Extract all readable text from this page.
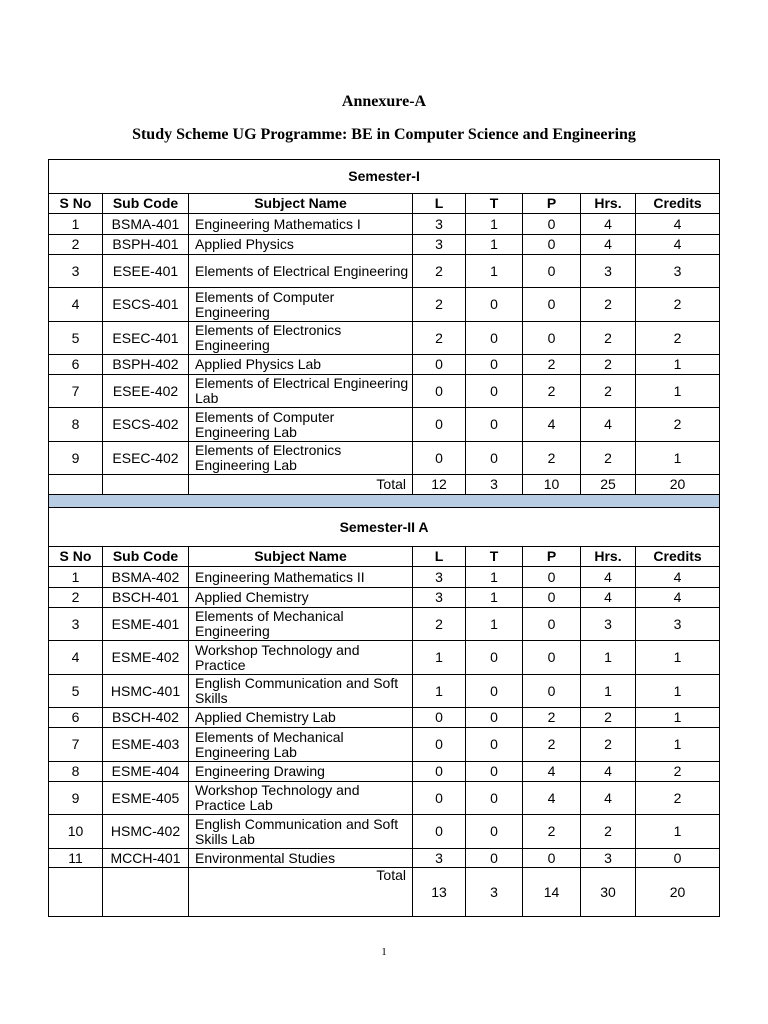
Annexure-A
Study Scheme UG Programme: BE in Computer Science and Engineering
Semester-I							
S No	Sub Code	Subject Name	L	T	P	Hrs.	Credits
1	BSMA-401	Engineering Mathematics I	3	1	0	4	4
2	BSPH-401	Applied Physics	3	1	0	4	4
3	ESEE-401	Elements of Electrical Engineering	2	1	0	3	3
4	ESCS-401	Elements of Computer Engineering	2	0	0	2	2
5	ESEC-401	Elements of Electronics Engineering	2	0	0	2	2
6	BSPH-402	Applied Physics Lab	0	0	2	2	1
7	ESEE-402	Elements of Electrical Engineering Lab	0	0	2	2	1
8	ESCS-402	Elements of Computer Engineering Lab	0	0	4	4	2
9	ESEC-402	Elements of Electronics Engineering Lab	0	0	2	2	1
		Total	12	3	10	25	20

Semester-II A							
S No	Sub Code	Subject Name	L	T	P	Hrs.	Credits
1	BSMA-402	Engineering Mathematics II	3	1	0	4	4
2	BSCH-401	Applied Chemistry	3	1	0	4	4
3	ESME-401	Elements of Mechanical Engineering	2	1	0	3	3
4	ESME-402	Workshop Technology and Practice	1	0	0	1	1
5	HSMC-401	English Communication and Soft Skills	1	0	0	1	1
6	BSCH-402	Applied Chemistry Lab	0	0	2	2	1
7	ESME-403	Elements of Mechanical Engineering Lab	0	0	2	2	1
8	ESME-404	Engineering Drawing	0	0	4	4	2
9	ESME-405	Workshop Technology and Practice Lab	0	0	4	4	2
10	HSMC-402	English Communication and Soft Skills Lab	0	0	2	2	1
11	MCCH-401	Environmental Studies	3	0	0	3	0
		Total	13	3	14	30	20
1
